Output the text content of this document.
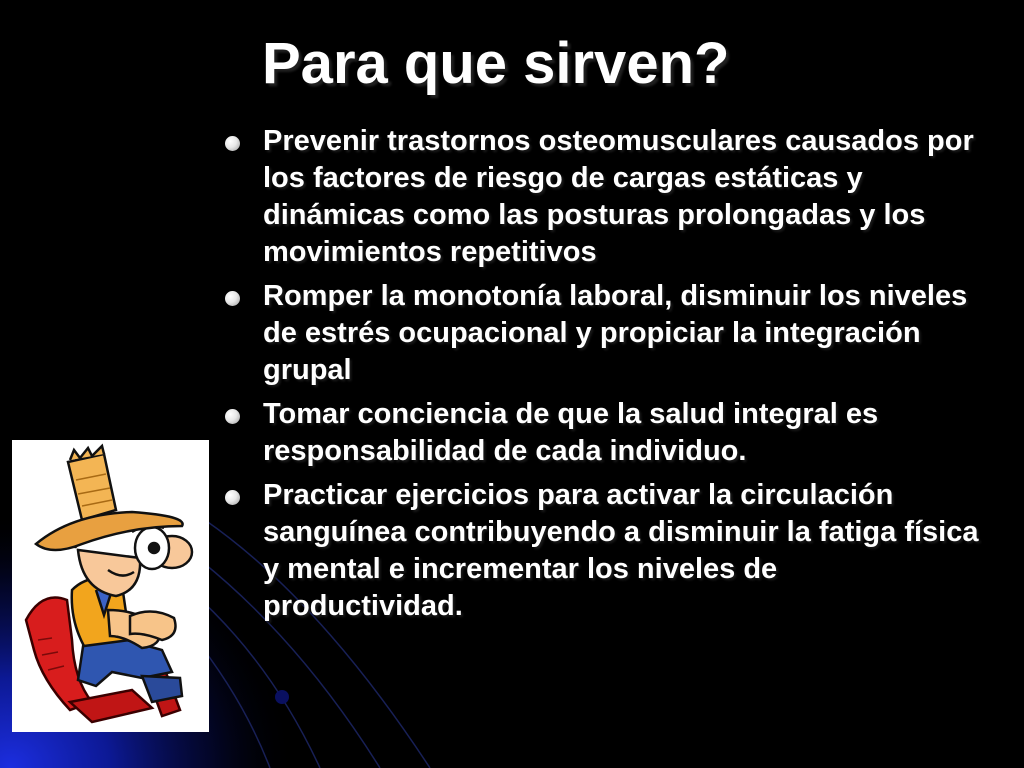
Para que sirven?
Prevenir trastornos osteomusculares causados por los factores de riesgo de cargas estáticas y dinámicas como las posturas prolongadas y los movimientos repetitivos
Romper la monotonía laboral, disminuir los niveles de estrés ocupacional y propiciar la integración grupal
Tomar conciencia de que la salud integral es responsabilidad de cada individuo.
Practicar ejercicios para activar la circulación sanguínea contribuyendo a disminuir la fatiga física y mental e incrementar los niveles de productividad.
